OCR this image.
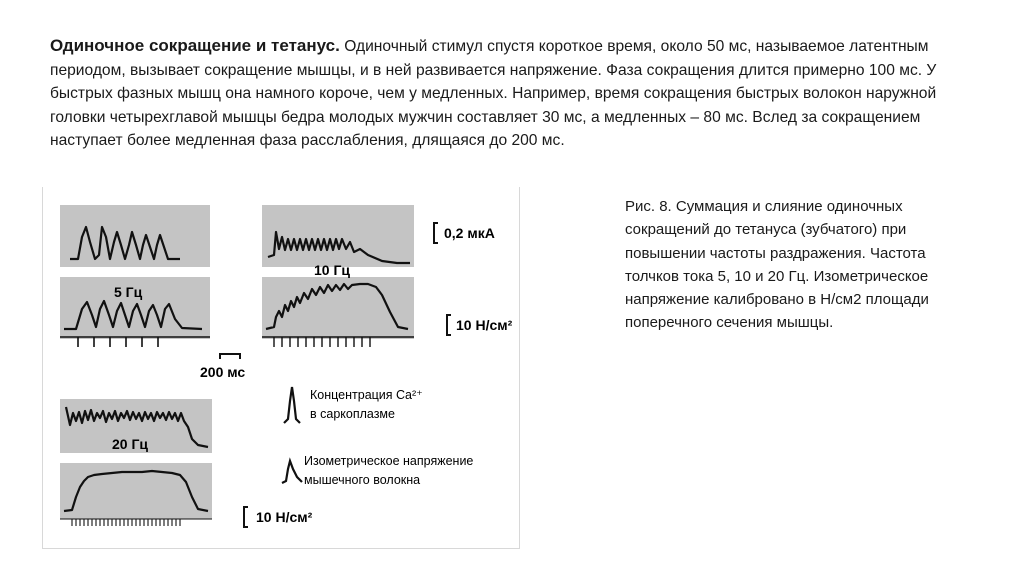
Одиночное сокращение и тетанус. Одиночный стимул спустя короткое время, около 50 мс, называемое латентным периодом, вызывает сокращение мышцы, и в ней развивается напряжение. Фаза сокращения длится примерно 100 мс. У быстрых фазных мышц она намного короче, чем у медленных. Например, время сокращения быстрых волокон наружной головки четырехглавой мышцы бедра молодых мужчин составляет 30 мс, а медленных – 80 мс. Вслед за сокращением наступает более медленная фаза расслабления, длящаяся до 200 мс.
5 Гц
10 Гц
20 Гц
0,2 мкА
10 Н/см²
200 мс
10 Н/см²
Концентрация Ca²⁺
в саркоплазме
Изометрическое напряжение
мышечного волокна
Рис. 8. Суммация и слияние одиночных сокращений до тетануса (зубчатого) при повышении частоты раздражения. Частота толчков тока 5, 10 и 20 Гц. Изометрическое напряжение калибровано в Н/см2 площади поперечного сечения мышцы.
